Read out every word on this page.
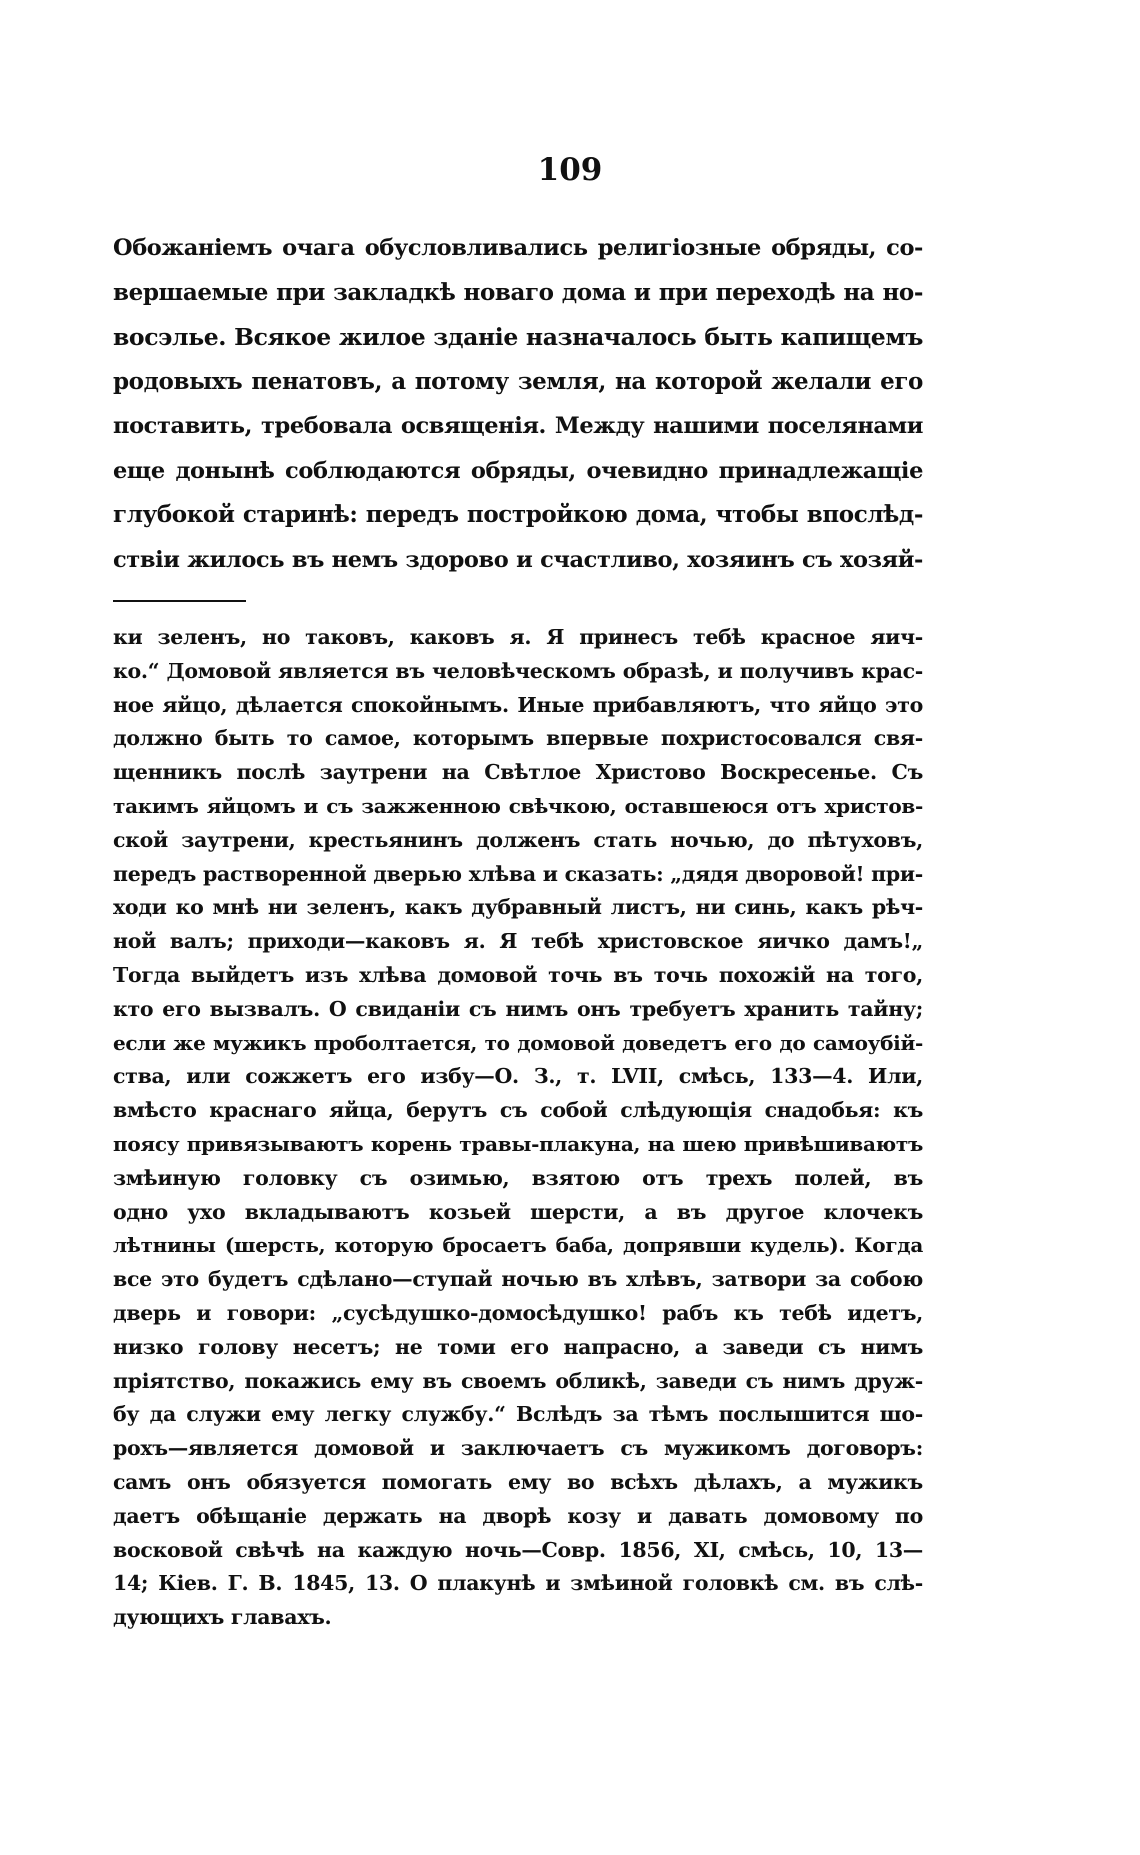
109
Обожаніемъ очага обусловливались религіозные обряды, со-
вершаемые при закладкѣ новаго дома и при переходѣ на но-
восэлье. Всякое жилое зданіе назначалось быть капищемъ
родовыхъ пенатовъ, а потому земля, на которой желали его
поставить, требовала освященія. Между нашими поселянами
еще донынѣ соблюдаются обряды, очевидно принадлежащіе
глубокой старинѣ: передъ постройкою дома, чтобы впослѣд-
ствіи жилось въ немъ здорово и счастливо, хозяинъ съ хозяй-
ки зеленъ, но таковъ, каковъ я. Я принесъ тебѣ красное яич-
ко.“ Домовой является въ человѣческомъ образѣ, и получивъ крас-
ное яйцо, дѣлается спокойнымъ. Иные прибавляютъ, что яйцо это
должно быть то самое, которымъ впервые похристосовался свя-
щенникъ послѣ заутрени на Свѣтлое Христово Воскресенье. Съ
такимъ яйцомъ и съ зажженною свѣчкою, оставшеюся отъ христов-
ской заутрени, крестьянинъ долженъ стать ночью, до пѣтуховъ,
передъ растворенной дверью хлѣва и сказать: „дядя дворовой! при-
ходи ко мнѣ ни зеленъ, какъ дубравный листъ, ни синь, какъ рѣч-
ной валъ; приходи—каковъ я. Я тебѣ христовское яичко дамъ!„
Тогда выйдетъ изъ хлѣва домовой точь въ точь похожій на того,
кто его вызвалъ. О свиданіи съ нимъ онъ требуетъ хранить тайну;
если же мужикъ проболтается, то домовой доведетъ его до самоубій-
ства, или сожжетъ его избу—О. З., т. LVII, смѣсь, 133—4. Или,
вмѣсто краснаго яйца, берутъ съ собой слѣдующія снадобья: къ
поясу привязываютъ корень травы-плакуна, на шею привѣшиваютъ
змѣиную головку съ озимью, взятою отъ трехъ полей, въ
одно ухо вкладываютъ козьей шерсти, а въ другое клочекъ
лѣтнины (шерсть, которую бросаетъ баба, допрявши кудель). Когда
все это будетъ сдѣлано—ступай ночью въ хлѣвъ, затвори за собою
дверь и говори: „сусѣдушко-домосѣдушко! рабъ къ тебѣ идетъ,
низко голову несетъ; не томи его напрасно, а заведи съ нимъ
пріятство, покажись ему въ своемъ обликѣ, заведи съ нимъ друж-
бу да служи ему легку службу.“ Вслѣдъ за тѣмъ послышится шо-
рохъ—является домовой и заключаетъ съ мужикомъ договоръ:
самъ онъ обязуется помогать ему во всѣхъ дѣлахъ, а мужикъ
даетъ обѣщаніе держать на дворѣ козу и давать домовому по
восковой свѣчѣ на каждую ночь—Совр. 1856, XI, смѣсь, 10, 13—
14; Кіев. Г. В. 1845, 13. О плакунѣ и змѣиной головкѣ см. въ слѣ-
дующихъ главахъ.
